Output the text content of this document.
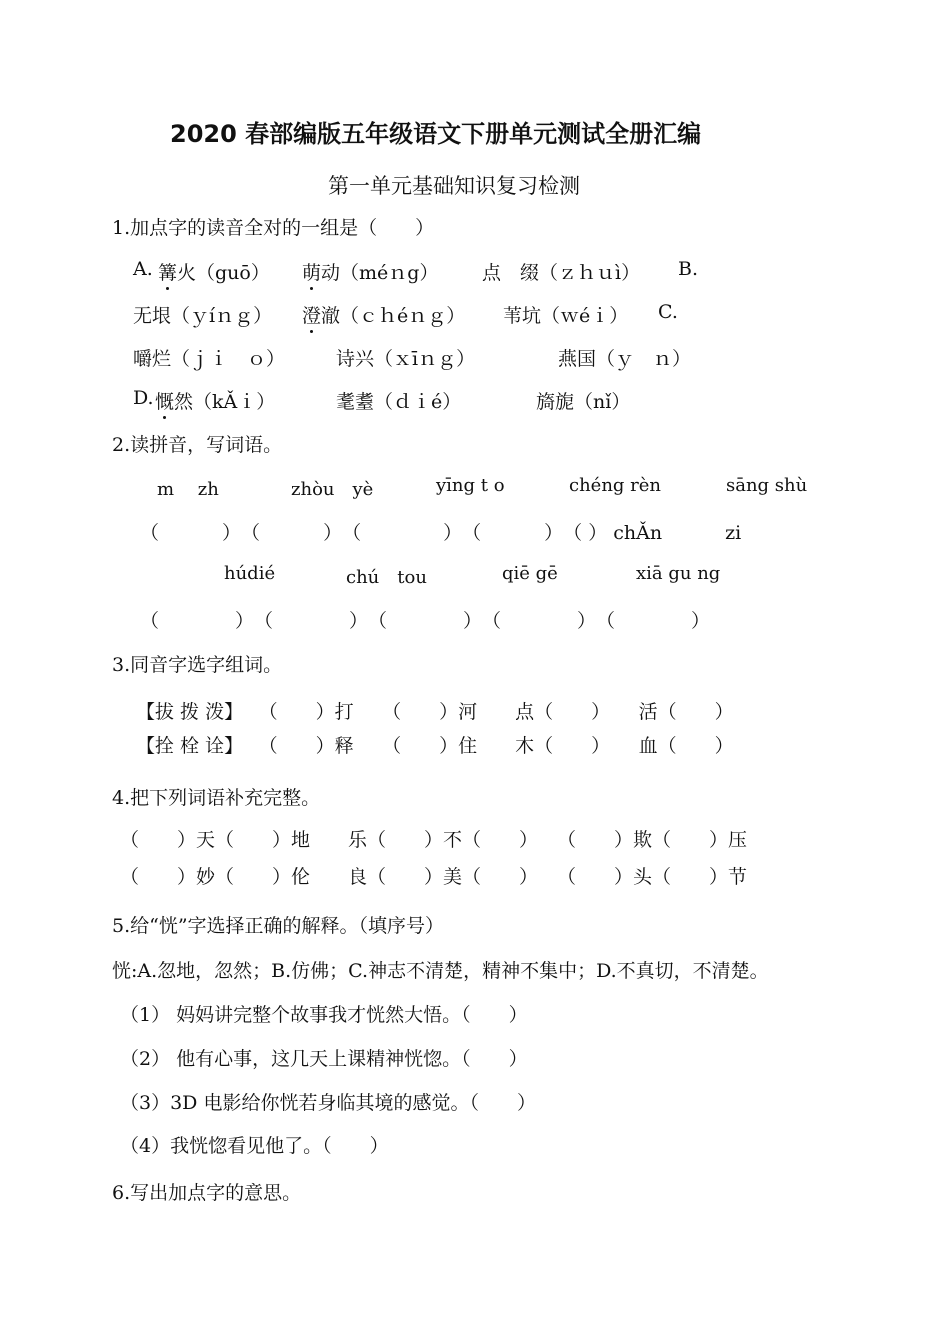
2020 春部编版五年级语文下册单元测试全册汇编
第一单元基础知识复习检测
1.加点字的读音全对的一组是（　　）
A. 篝火（guō） 萌动（méｎg） 点　缀（ｚｈｕì） B.
无垠（ｙíｎｇ） 澄澈（ｃｈéｎｇ） 苇坑（ｗéｉ） C.
嚼烂（ｊｉ　ｏ）	诗兴（ｘīｎｇ）	燕国（ｙ　ｎ）
D. 慨然（kǍｉ）	耄耋（ｄｉé）	旖旎（nǐ）
2.读拼音，写词语。
m　 zh	zhòu　yè	yīng t o	chéng rèn	sāng shù
（　　　 ）　（　　　 ）　（　　　　 ）　（　　　 ）　（ ） chǍn　　　 zi
húdié	chú　tou	qiē gē	xiā gu ng
（　　　　）　（　　　　）　（　　　　）　（　　　　）　（　　　　）
3.同音字选字组词。
【拔 拨 泼】　 （　　）打　　（　　）河　　点（　　）　　活（　　）
【拴 栓 诠】　 （　　）释　　（　　）住　　木（　　）　　血（　　）
4.把下列词语补充完整。
（　　）天（　　）地　　乐（　　）不（　　）　　（　　）欺（　　）压
（　　）妙（　　）伦　　良（　　）美（　　）　　（　　）头（　　）节
5.给“恍”字选择正确的解释。（填序号）
恍:A.忽地，忽然；B.仿佛；C.神志不清楚，精神不集中；D.不真切，不清楚。
（1） 妈妈讲完整个故事我才恍然大悟。（　　）
（2） 他有心事，这几天上课精神恍惚。（　　）
（3）3D 电影给你恍若身临其境的感觉。（　　）
（4）我恍惚看见他了。（　　）
6.写出加点字的意思。
